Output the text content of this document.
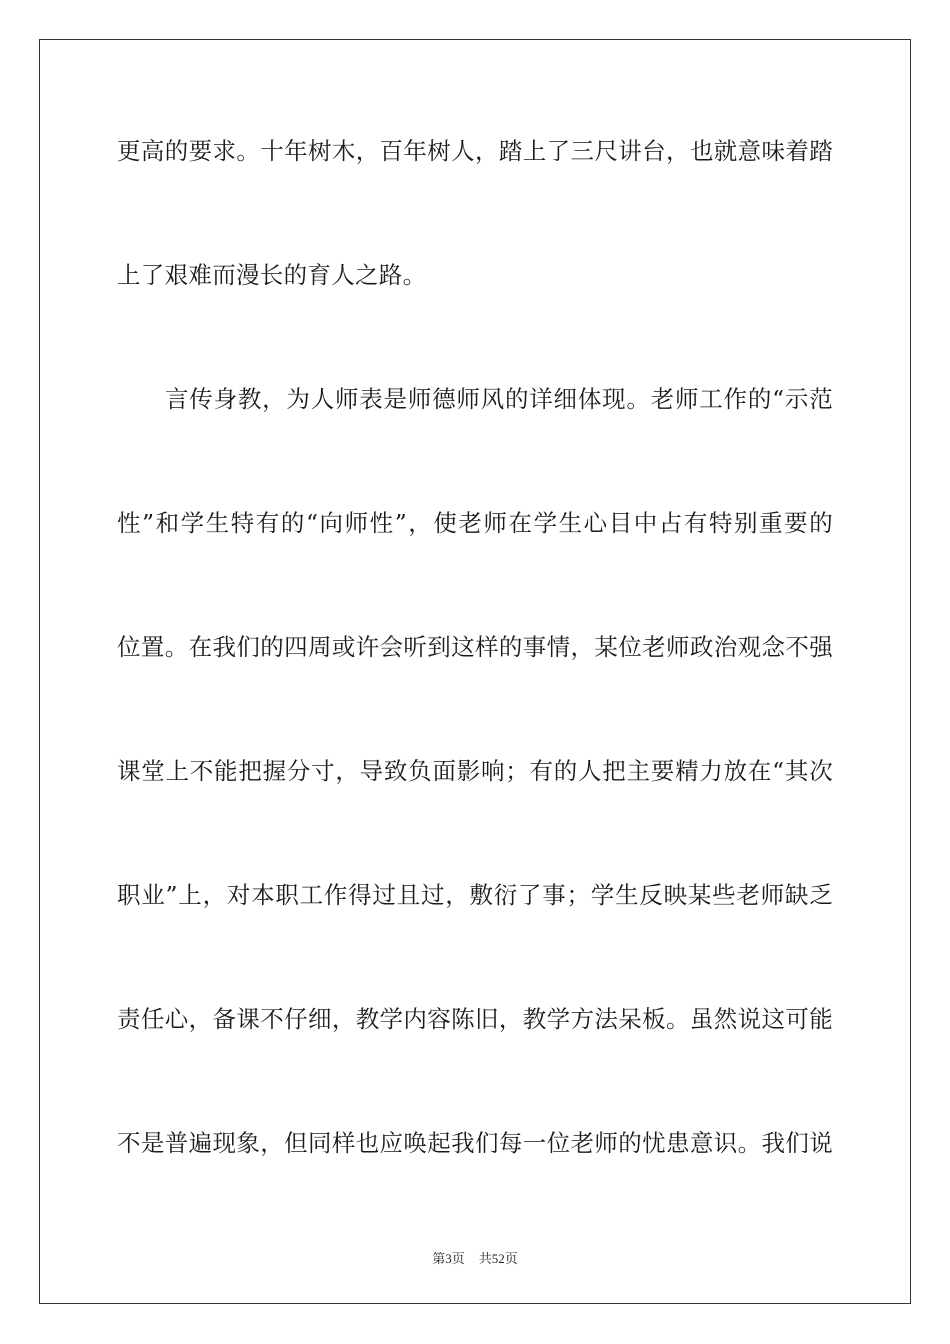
更高的要求。十年树木，百年树人，踏上了三尺讲台，也就意味着踏
上了艰难而漫长的育人之路。
言传身教，为人师表是师德师风的详细体现。老师工作的“示范
性”和学生特有的“向师性”，使老师在学生心目中占有特别重要的
位置。在我们的四周或许会听到这样的事情，某位老师政治观念不强
课堂上不能把握分寸，导致负面影响；有的人把主要精力放在“其次
职业”上，对本职工作得过且过，敷衍了事；学生反映某些老师缺乏
责任心，备课不仔细，教学内容陈旧，教学方法呆板。虽然说这可能
不是普遍现象，但同样也应唤起我们每一位老师的忧患意识。我们说
第3页 共52页
